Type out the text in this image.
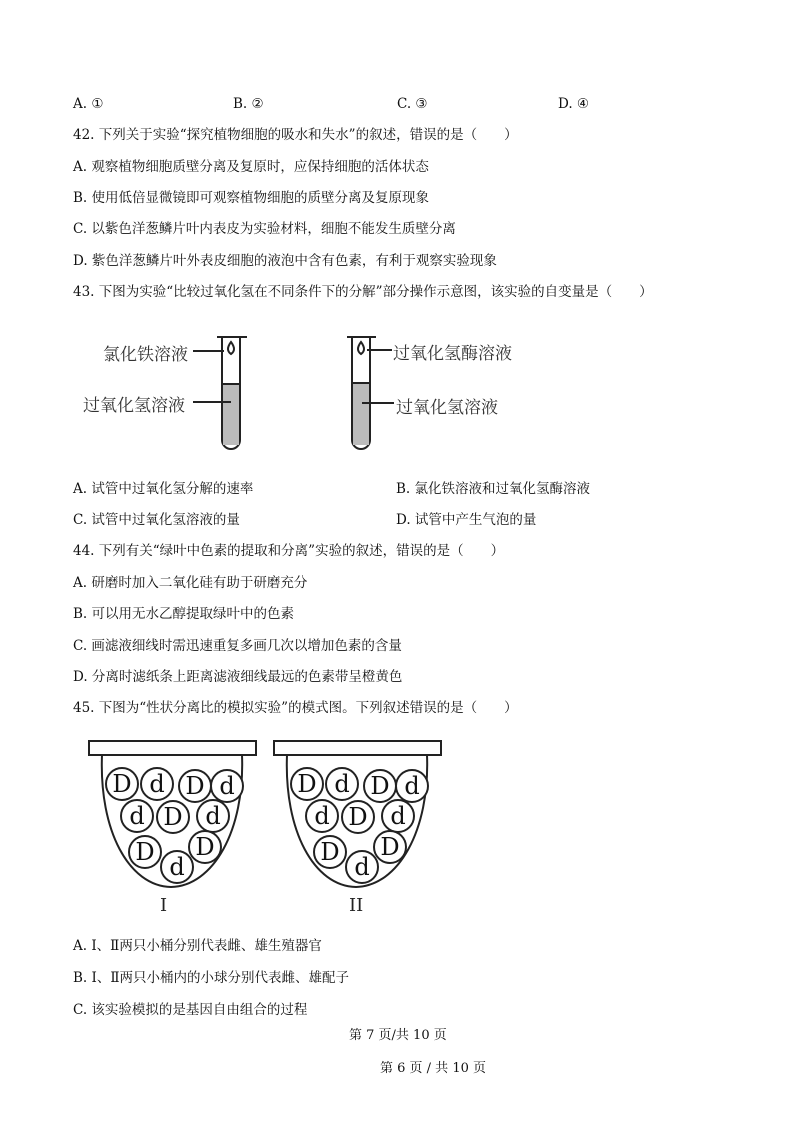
A. ①	B. ②	C. ③	D. ④
42. 下列关于实验“探究植物细胞的吸水和失水”的叙述，错误的是（　　）
A. 观察植物细胞质壁分离及复原时，应保持细胞的活体状态
B. 使用低倍显微镜即可观察植物细胞的质壁分离及复原现象
C. 以紫色洋葱鳞片叶内表皮为实验材料，细胞不能发生质壁分离
D. 紫色洋葱鳞片叶外表皮细胞的液泡中含有色素，有利于观察实验现象
43. 下图为实验“比较过氧化氢在不同条件下的分解”部分操作示意图，该实验的自变量是（　　）
氯化铁溶液
过氧化氢溶液
过氧化氢酶溶液
过氧化氢溶液
A. 试管中过氧化氢分解的速率	B. 氯化铁溶液和过氧化氢酶溶液
C. 试管中过氧化氢溶液的量	D. 试管中产生气泡的量
44. 下列有关“绿叶中色素的提取和分离”实验的叙述，错误的是（　　）
A. 研磨时加入二氧化硅有助于研磨充分
B. 可以用无水乙醇提取绿叶中的色素
C. 画滤液细线时需迅速重复多画几次以增加色素的含量
D. 分离时滤纸条上距离滤液细线最远的色素带呈橙黄色
45. 下图为“性状分离比的模拟实验”的模式图。下列叙述错误的是（　　）
D d D d
d D d
D
d
D
D d D d
d D d
D
d
D
I	II
A. Ⅰ、Ⅱ两只小桶分别代表雌、雄生殖器官
B. Ⅰ、Ⅱ两只小桶内的小球分别代表雌、雄配子
C. 该实验模拟的是基因自由组合的过程
第 7 页/共 10 页
第 6 页 / 共 10 页
